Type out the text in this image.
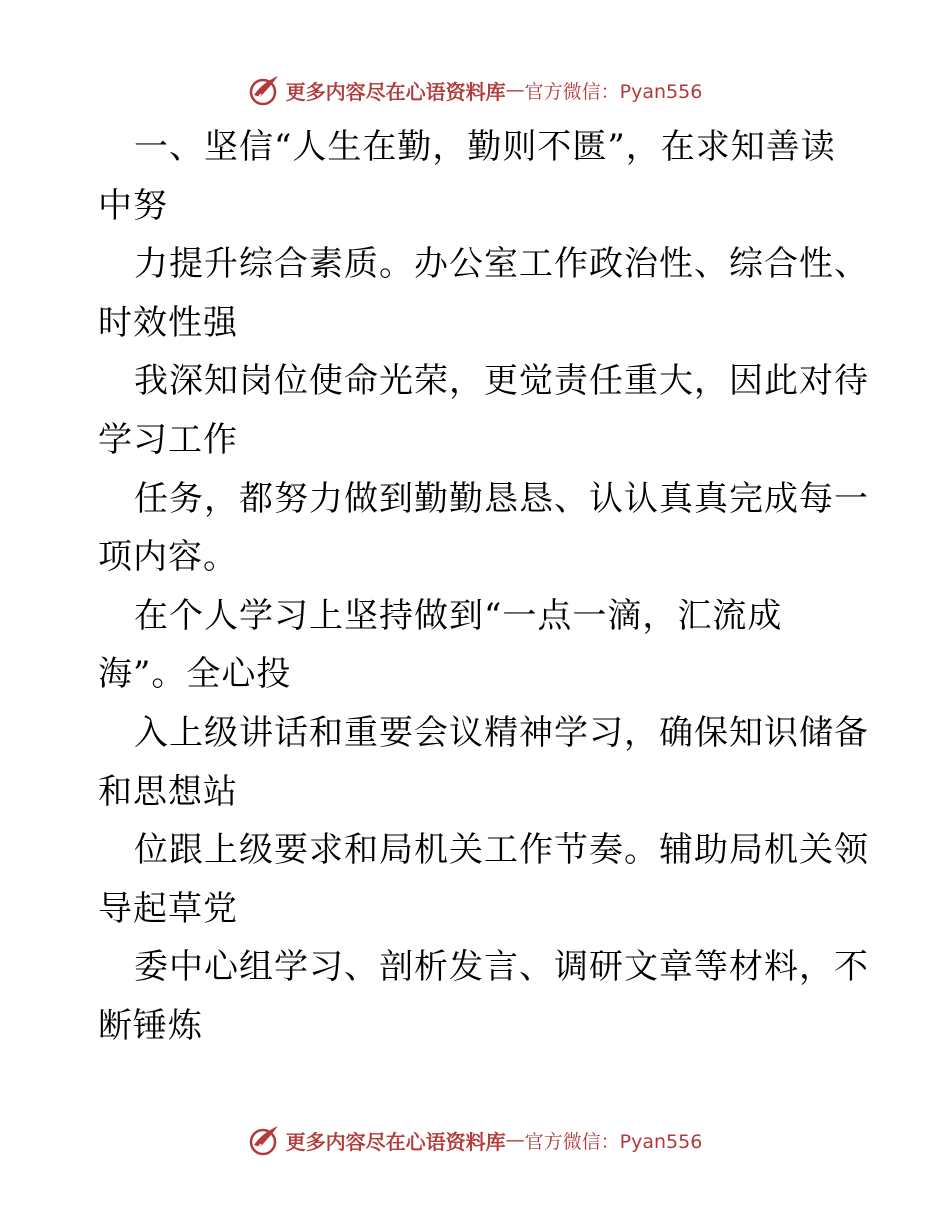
更多内容尽在心语资料库 — 官方微信：Pyan556
一、坚信“人生在勤，勤则不匮”，在求知善读
中努
力提升综合素质。办公室工作政治性、综合性、
时效性强
我深知岗位使命光荣，更觉责任重大，因此对待
学习工作
任务，都努力做到勤勤恳恳、认认真真完成每一
项内容。
在个人学习上坚持做到“一点一滴，汇流成
海”。全心投
入上级讲话和重要会议精神学习，确保知识储备
和思想站
位跟上级要求和局机关工作节奏。辅助局机关领
导起草党
委中心组学习、剖析发言、调研文章等材料，不
断锤炼
更多内容尽在心语资料库 — 官方微信：Pyan556
